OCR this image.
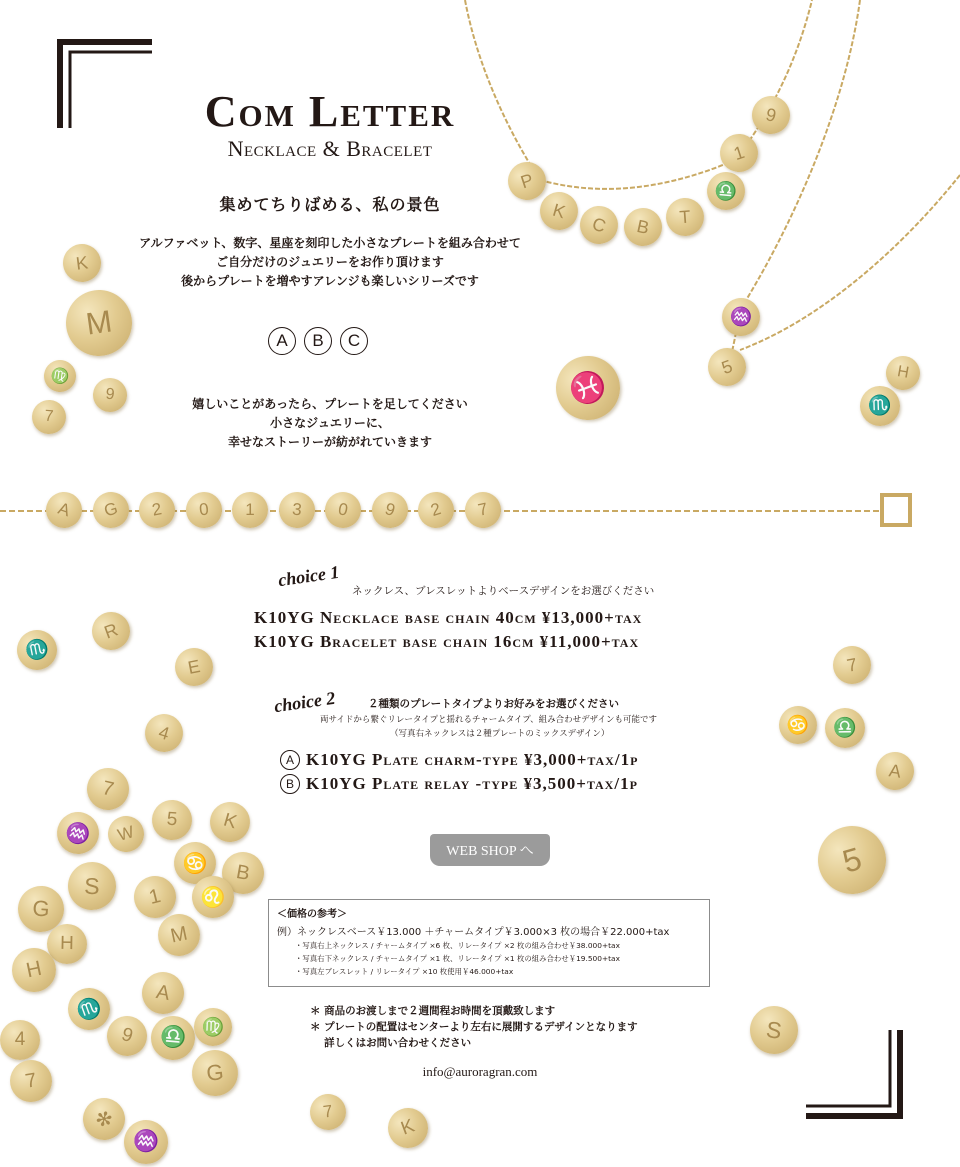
P
K
C	B	T
♎
1
9
♒
5
K
M
♍
9
7
♓	H
♏
♏
R
E
4
7
♒	W
5	K
♋	B
S	1	♌
G
M
H
H
A
♏
9	♎ ♍
4
G
7
✻
♒
7
K
7
♋	♎
A
5
S
A	G	2	0	1	3	0	9	2	7
Com Letter
Necklace & Bracelet
集めてちりばめる、私の景色
アルファベット、数字、星座を刻印した小さなプレートを組み合わせて
ご自分だけのジュエリーをお作り頂けます
後からプレートを増やすアレンジも楽しいシリーズです
A	B	C
嬉しいことがあったら、プレートを足してください
小さなジュエリーに、
幸せなストーリーが紡がれていきます
choice 1
ネックレス、ブレスレットよりベースデザインをお選びください
K10YG Necklace base chain 40cm ¥13,000+tax
K10YG Bracelet base chain 16cm ¥11,000+tax
choice 2	２種類のプレートタイプよりお好みをお選びください
両サイドから繋ぐリレータイプと揺れるチャームタイプ、組み合わせデザインも可能です
（写真右ネックレスは２種プレートのミックスデザイン）
A K10YG Plate charm-type ¥3,000+tax/1p
B K10YG Plate relay -type ¥3,500+tax/1p
WEB SHOP へ
＜価格の参考＞
例）ネックレスベース￥13.000 ＋チャームタイプ￥3.000×3 枚の場合￥22.000+tax
・写真右上ネックレス / チャームタイプ ×6 枚、リレータイプ ×2 枚の組み合わせ￥38.000+tax
・写真右下ネックレス / チャームタイプ ×1 枚、リレータイプ ×1 枚の組み合わせ￥19.500+tax
・写真左ブレスレット / リレータイプ ×10 枚使用￥46.000+tax
＊ 商品のお渡しまで２週間程お時間を頂戴致します
＊ プレートの配置はセンターより左右に展開するデザインとなります
　 詳しくはお問い合わせください
info@auroragran.com
